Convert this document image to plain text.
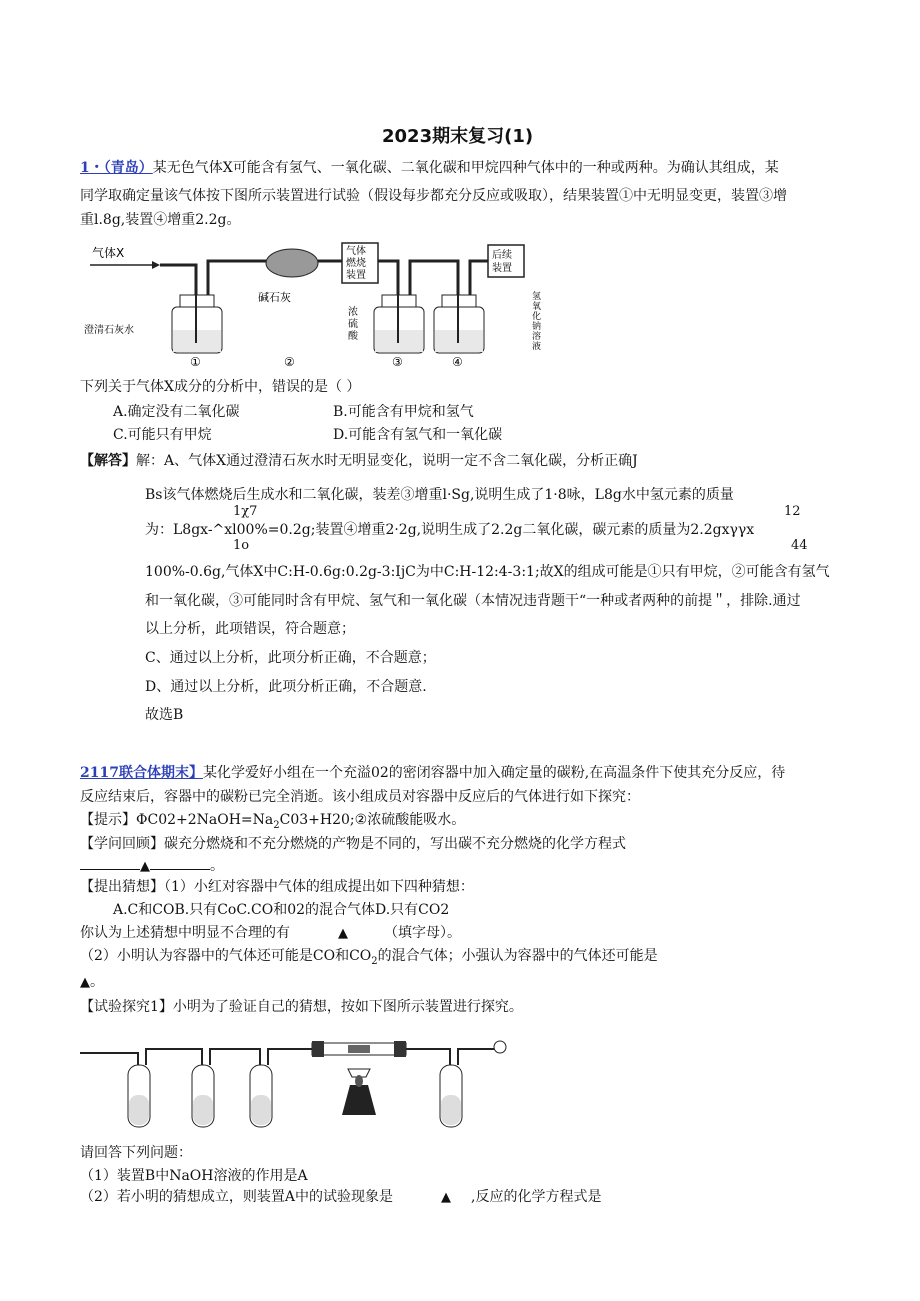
2023期末复习(1)
1・（青岛）某无色气体X可能含有氢气、一氧化碳、二氧化碳和甲烷四种气体中的一种或两种。为确认其组成，某
同学取确定量该气体按下图所示装置进行试验（假设每步都充分反应或吸取），结果装置①中无明显变更，装置③增
重l.8g,装置④增重2.2g。
气体X
碱石灰
气体
燃烧
装置
后续
装置
澄清石灰水
浓
硫
酸
氢
氧
化
钠
溶
液
①	②	③	④
下列关于气体X成分的分析中，错误的是（ ）
A.确定没有二氧化碳	B.可能含有甲烷和氢气
C.可能只有甲烷	D.可能含有氢气和一氧化碳
【解答】解：A、气体X通过澄清石灰水时无明显变化，说明一定不含二氧化碳，分析正确J
Bs该气体燃烧后生成水和二氧化碳，装差③增重l·Sg,说明生成了1·8咏，L8g水中氢元素的质量
1χ7	12
为：L8gx-^xl00%=0.2g;装置④增重2·2g,说明生成了2.2g二氧化碳，碳元素的质量为2.2gxγγx
1o	44
100%-0.6g,气体X中C:H-0.6g:0.2g-3:IjC为中C:H-12:4-3:1;故X的组成可能是①只有甲烷，②可能含有氢气
和一氧化碳，③可能同时含有甲烷、氢气和一氧化碳（本情况违背题干“一种或者两种的前提＂，排除.通过
以上分析，此项错误，符合题意；
C、通过以上分析，此项分析正确，不合题意；
D、通过以上分析，此项分析正确，不合题意.
故选B
2117联合体期末】某化学爱好小组在一个充溢02的密闭容器中加入确定量的碳粉,在高温条件下使其充分反应，待
反应结束后，容器中的碳粉已完全消逝。该小组成员对容器中反应后的气体进行如下探究：
【提示】$\Phi C02+2NaOH=Na_2C03+H20;②$浓硫酸能吸水。
【学问回顾】碳充分燃烧和不充分燃烧的产物是不同的，写出碳不充分燃烧的化学方程式
▲	。
【提出猜想】（1）小红对容器中气体的组成提出如下四种猜想：
A.C和COB.只有CoC.CO和02的混合气体D.只有CO2
你认为上述猜想中明显不合理的有	▲	（填字母）。
（2）小明认为容器中的气体还可能是CO和$CO_2$的混合气体；小强认为容器中的气体还可能是
▲。
【试验探究1】小明为了验证自己的猜想，按如下图所示装置进行探究。
请回答下列问题：
（1）装置B中NaOH溶液的作用是A
（2）若小明的猜想成立，则装置A中的试验现象是	▲ ,反应的化学方程式是
